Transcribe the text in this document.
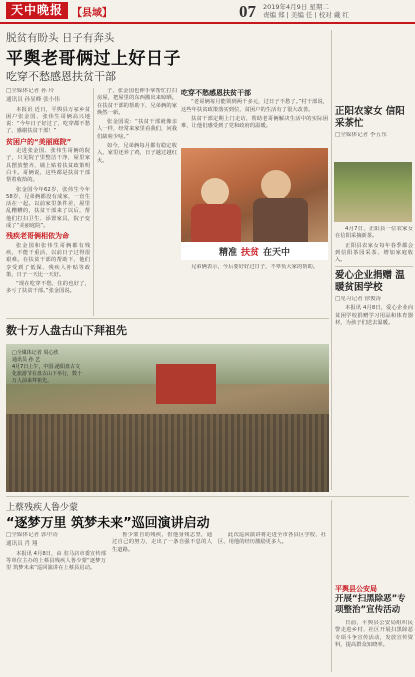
天中晚报 【县域】	07 2019年4月9日 星期二
责编 郑 | 美编 任 | 校对 戴 红
脱贫有盼头 日子有奔头
平舆老哥俩过上好日子
吃穿不愁感恩扶贫干部
□全媒体记者 孙 玲
通讯员 孙显峰 张小伟

本报讯 近日，平舆县万冢乡贫困户张金国、张伟生哥俩高兴地说：“今年日子好过了，吃穿都不愁了，感谢扶贫干部！”

贫困户的“美丽庭院”

走进张金国、张伟生哥俩的院子，只见院子里整洁干净，屋里家具摆放整齐，墙上贴着扶贫政策明白卡。哥俩说，这些都是扶贫干部帮着收拾的。

张金国今年62岁，张伟生今年58岁，兄弟俩都没有成家，一直生活在一起。以前家里条件差，屋里乱糟糟的，扶贫干部来了以后，帮他们打扫卫生、添置家具，院子变成了“美丽庭院”。

残疾老哥俩相依为命

张金国和张伟生哥俩都有残疾，不能干重活，以前日子过得很艰难。在扶贫干部的帮助下，他们享受到了低保、残疾人补贴等政策，日子一天比一天好。

“现在吃穿不愁，住的也好了，多亏了扶贫干部。”张金国说。

子，张金国也伸手掌帮忙打扫房屋，把屋里的东西搬出来晾晒。在扶贫干部的帮助下，兄弟俩的家焕然一新。

张金国说：“扶贫干部就像亲人一样，经常来家里看我们，问我们缺啥少啥。”

如今，兄弟俩每月都有稳定收入，家里还养了鸡，日子越过越红火。

精准 扶贫 在天中
吃穿不愁感恩扶贫干部

“老哥俩每月能领到两千多元，过日子不愁了。”村干部说，这些年扶贫政策落实到位，贫困户的生活有了很大改善。

扶贫干部定期上门走访，帮助老哥俩解决生活中的实际困难，让他们感受到了党和政府的温暖。

兄弟俩表示，今后要好好过日子，不辜负大家的帮助。

正阳农家女 信阳采茶忙
□全媒体记者 李五东

4月7日，正阳县一位农家女在信阳采摘新茶。

正阳县农家女每年春季都会到信阳茶园采茶，增加家庭收入。

爱心企业捐赠 温暖贫困学校
□见习记者 徐俊涛

本报讯 4月8日，爱心企业向贫困学校捐赠学习用品和体育器材，为孩子们送去温暖。

数十万人盘古山下拜祖先
□全媒体记者 周心欣
通讯员 孙 艺
4月7日上午，中国·泌阳盘古文化旅游节在盘古山下举行，数十万人前来拜祖先。
上蔡残疾人鲁少蒙
“逐梦万里 筑梦未来”巡回演讲启动
□全媒体记者 郭中涛
通讯员 肖 翔

本报讯 4月8日，由 驻马店市委宣传部等单位主办的上蔡县残疾人鲁少蒙“逐梦万里 筑梦未来”巡回演讲在上蔡县启动。

鲁少蒙自幼残疾，但他身残志坚，通过自己的努力，走出了一条自强不息的人生道路。

此次巡回演讲将走进全市各县区学校、社区，用他的经历激励更多人。

平舆县公安局
开展“扫黑除恶”专项整治”宣传活动

日前，平舆县公安局组织民警走进乡村、社区开展扫黑除恶专项斗争宣传活动，发放宣传资料，提高群众知晓率。
